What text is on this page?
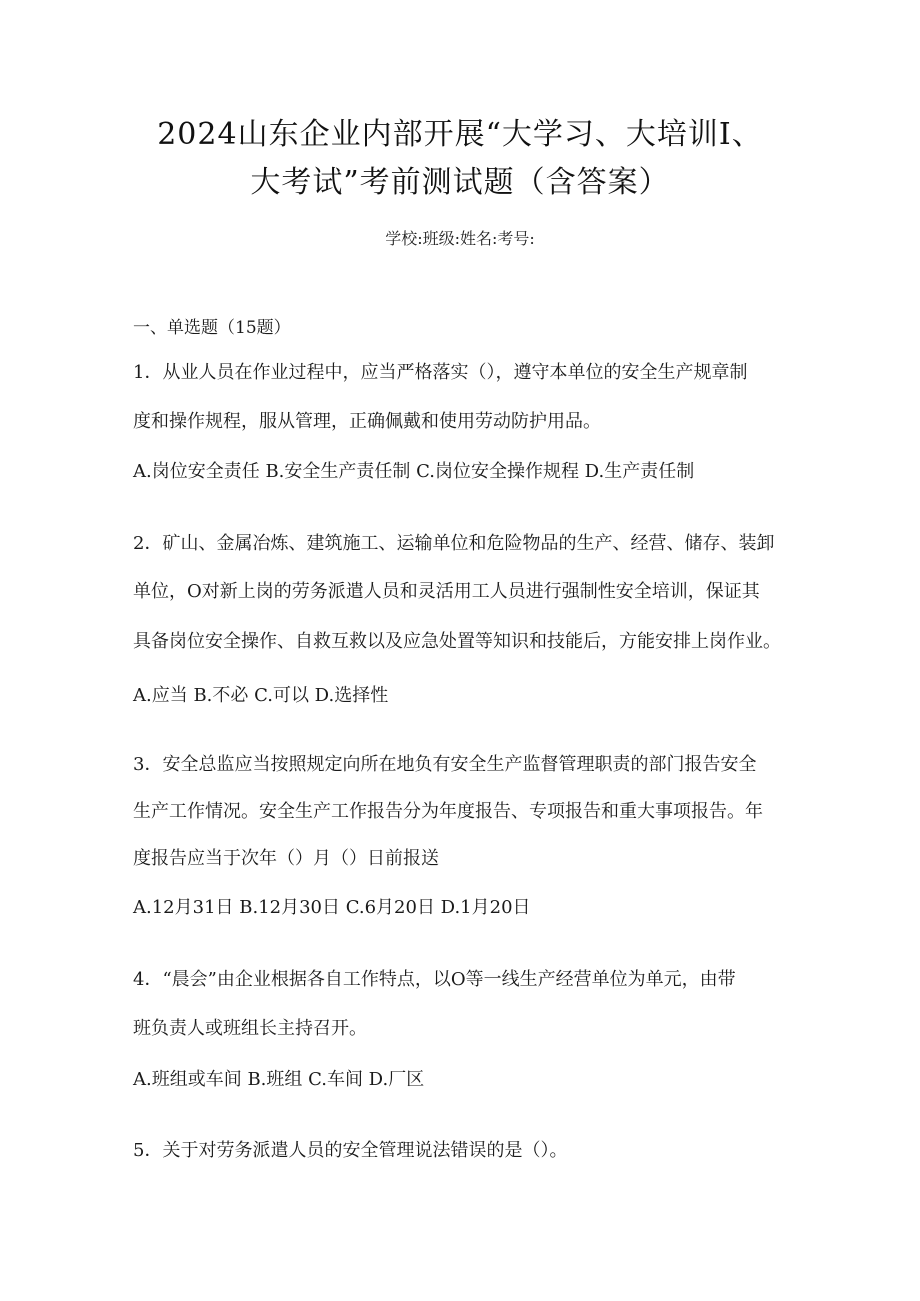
2024山东企业内部开展“大学习、大培训I、
大考试”考前测试题（含答案）
学校:班级:姓名:考号:
一、单选题（15题）
1．从业人员在作业过程中，应当严格落实（），遵守本单位的安全生产规章制
度和操作规程，服从管理，正确佩戴和使用劳动防护用品。
A.岗位安全责任 B.安全生产责任制 C.岗位安全操作规程 D.生产责任制
2．矿山、金属冶炼、建筑施工、运输单位和危险物品的生产、经营、储存、装卸
单位，O对新上岗的劳务派遣人员和灵活用工人员进行强制性安全培训，保证其
具备岗位安全操作、自救互救以及应急处置等知识和技能后，方能安排上岗作业。
A.应当 B.不必 C.可以 D.选择性
3．安全总监应当按照规定向所在地负有安全生产监督管理职责的部门报告安全
生产工作情况。安全生产工作报告分为年度报告、专项报告和重大事项报告。年
度报告应当于次年（）月（）日前报送
A.12月31日 B.12月30日 C.6月20日 D.1月20日
4．“晨会”由企业根据各自工作特点，以O等一线生产经营单位为单元，由带
班负责人或班组长主持召开。
A.班组或车间 B.班组 C.车间 D.厂区
5．关于对劳务派遣人员的安全管理说法错误的是（）。
